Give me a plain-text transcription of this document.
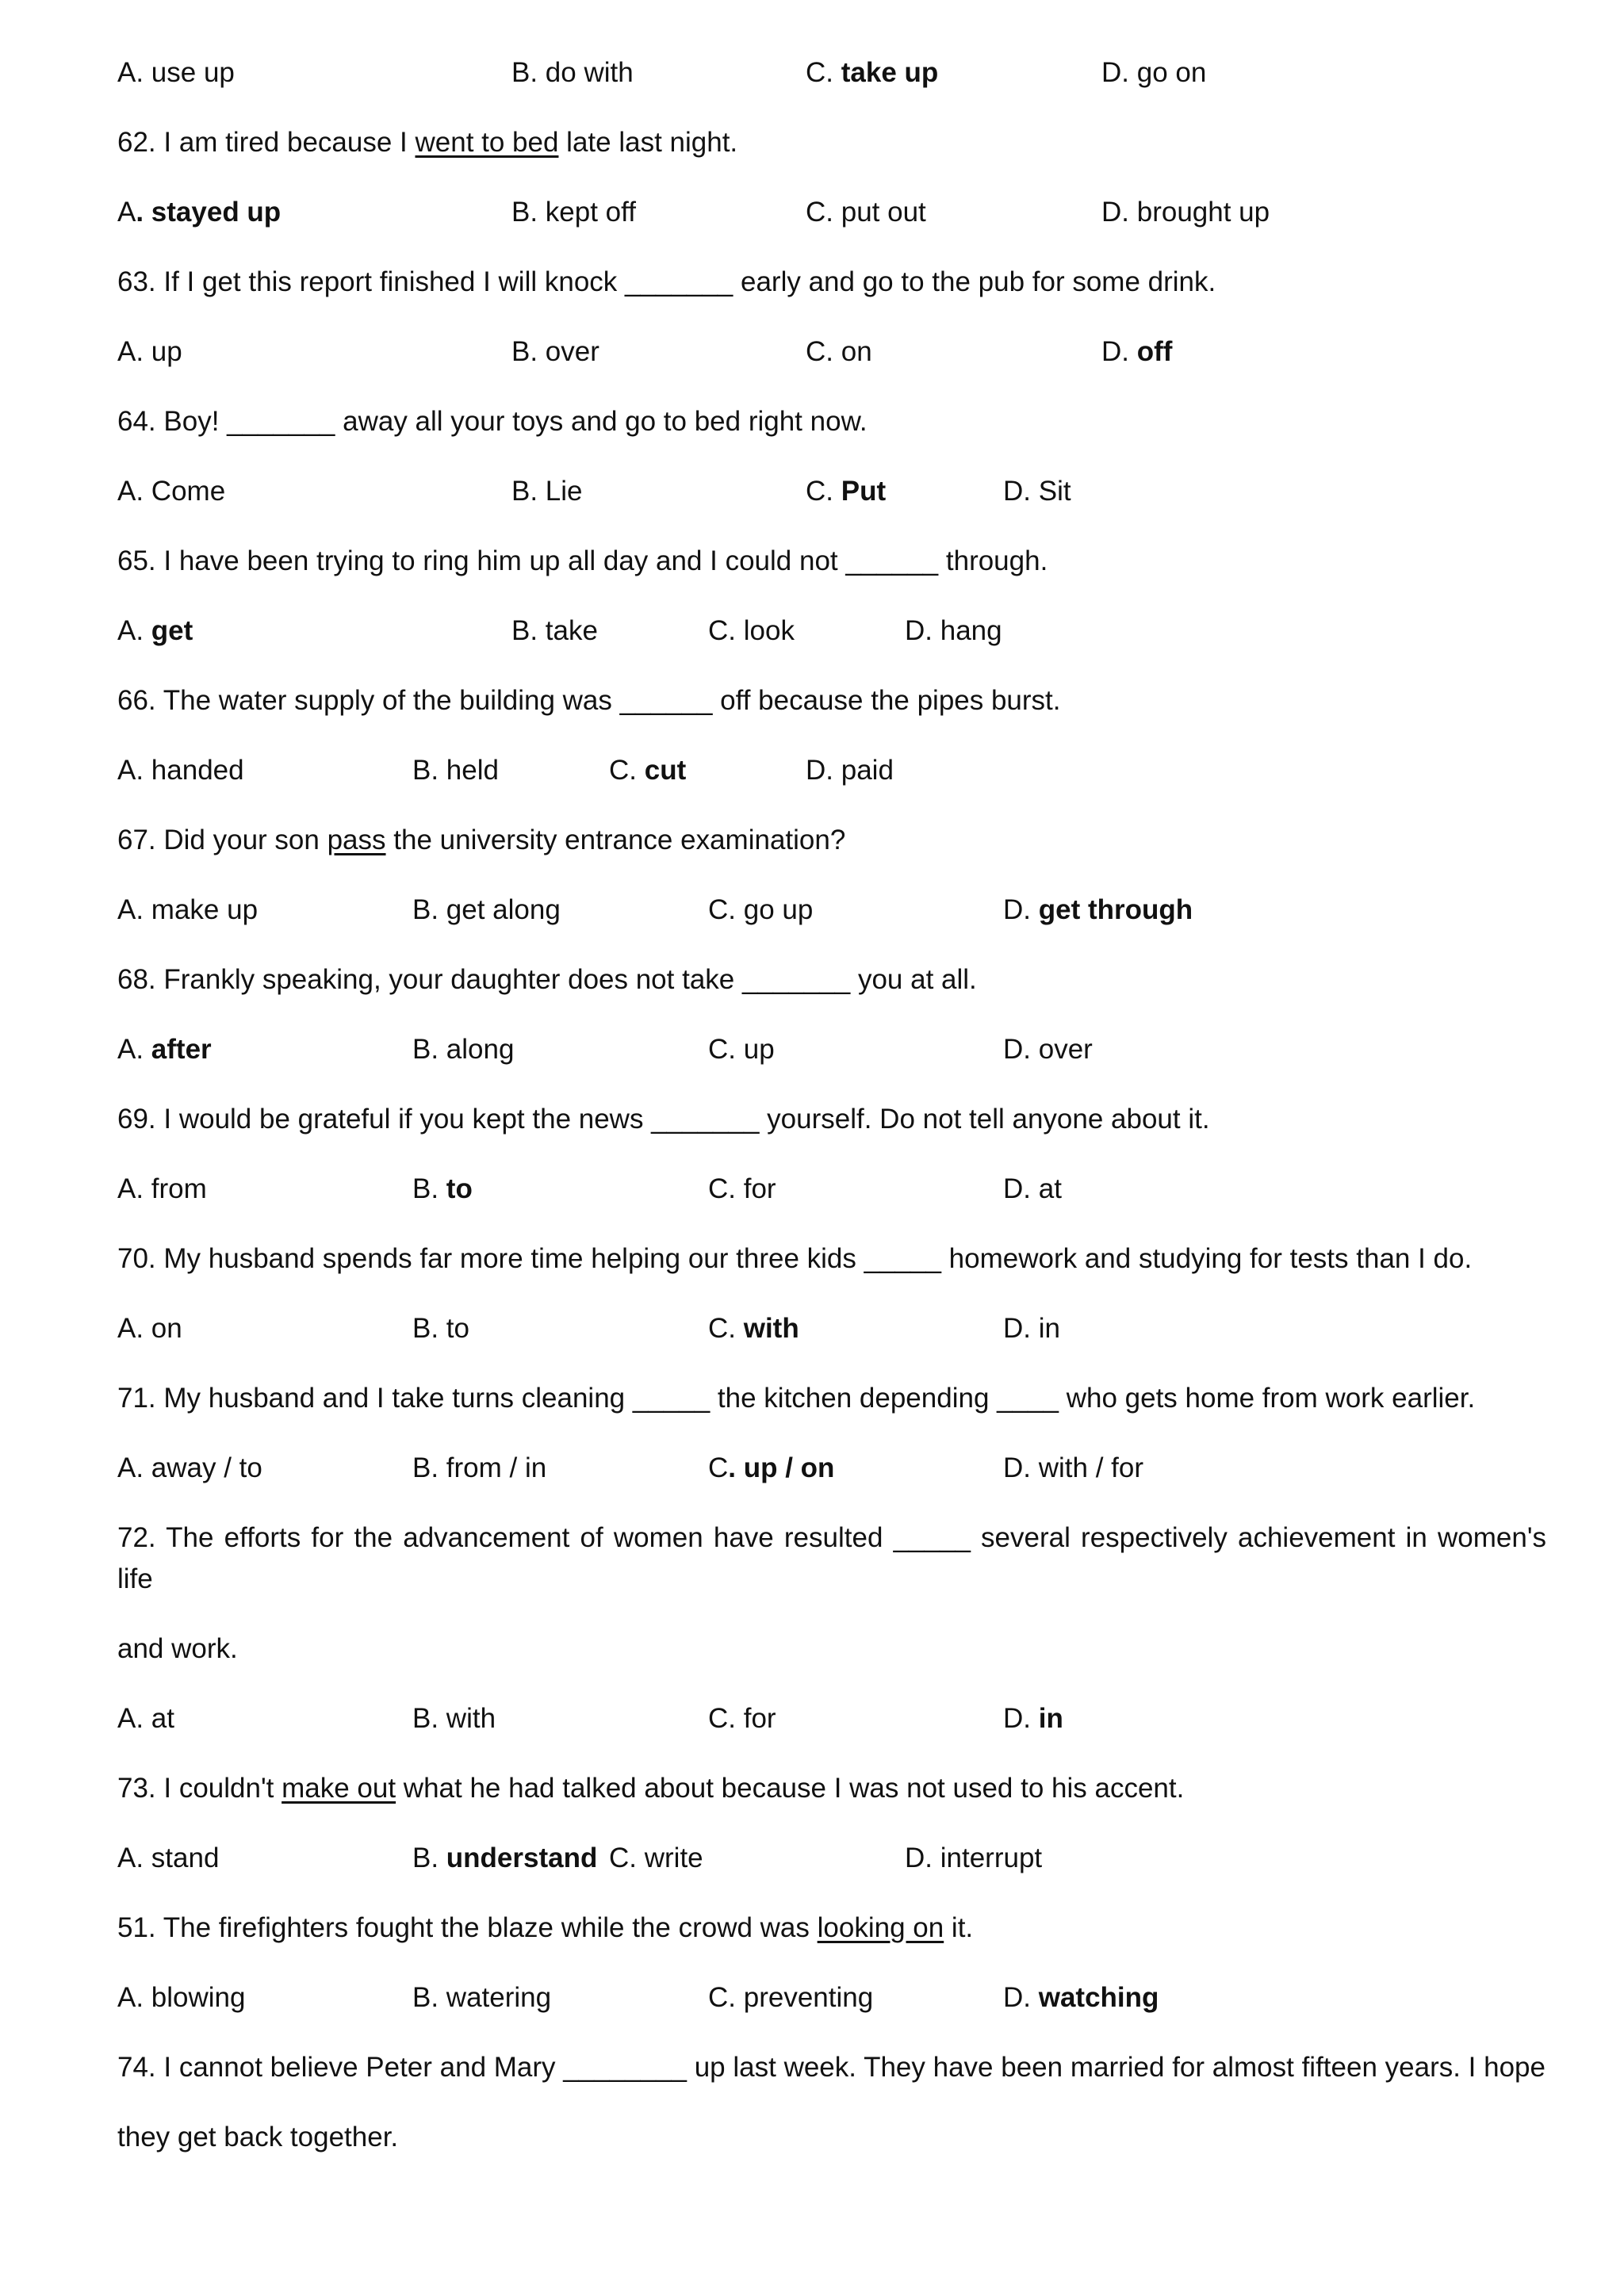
A. use up	B. do with	C. take up	D. go on
62. I am tired because I went to bed late last night.
A. stayed up	B. kept off	C. put out	D. brought up
63. If I get this report finished I will knock _______ early and go to the pub for some drink.
A. up	B. over	C. on	D. off
64. Boy! _______ away all your toys and go to bed right now.
A. Come	B. Lie	C. Put	D. Sit
65. I have been trying to ring him up all day and I could not ______ through.
A. get	B. take	C. look	D. hang
66. The water supply of the building was ______ off because the pipes burst.
A. handed	B. held	C. cut	D. paid
67. Did your son pass the university entrance examination?
A. make up	B. get along	C. go up	D. get through
68. Frankly speaking, your daughter does not take _______ you at all.
A. after	B. along	C. up	D. over
69. I would be grateful if you kept the news _______ yourself. Do not tell anyone about it.
A. from	B. to	C. for	D. at
70. My husband spends far more time helping our three kids _____ homework and studying for tests than I do.
A. on	B. to	C. with	D. in
71. My husband and I take turns cleaning _____ the kitchen depending ____ who gets home from work earlier.
A. away / to	B. from / in	C. up / on	D. with / for
72. The efforts for the advancement of women have resulted _____ several respectively achievement in women's
life
and work.
A. at	B. with	C. for	D. in
73. I couldn't make out what he had talked about because I was not used to his accent.
A. stand	B. understand C. write	D. interrupt
51. The firefighters fought the blaze while the crowd was looking on it.
A. blowing	B. watering	C. preventing	D. watching
74. I cannot believe Peter and Mary ________ up last week. They have been married for almost fifteen years. I hope
they get back together.
